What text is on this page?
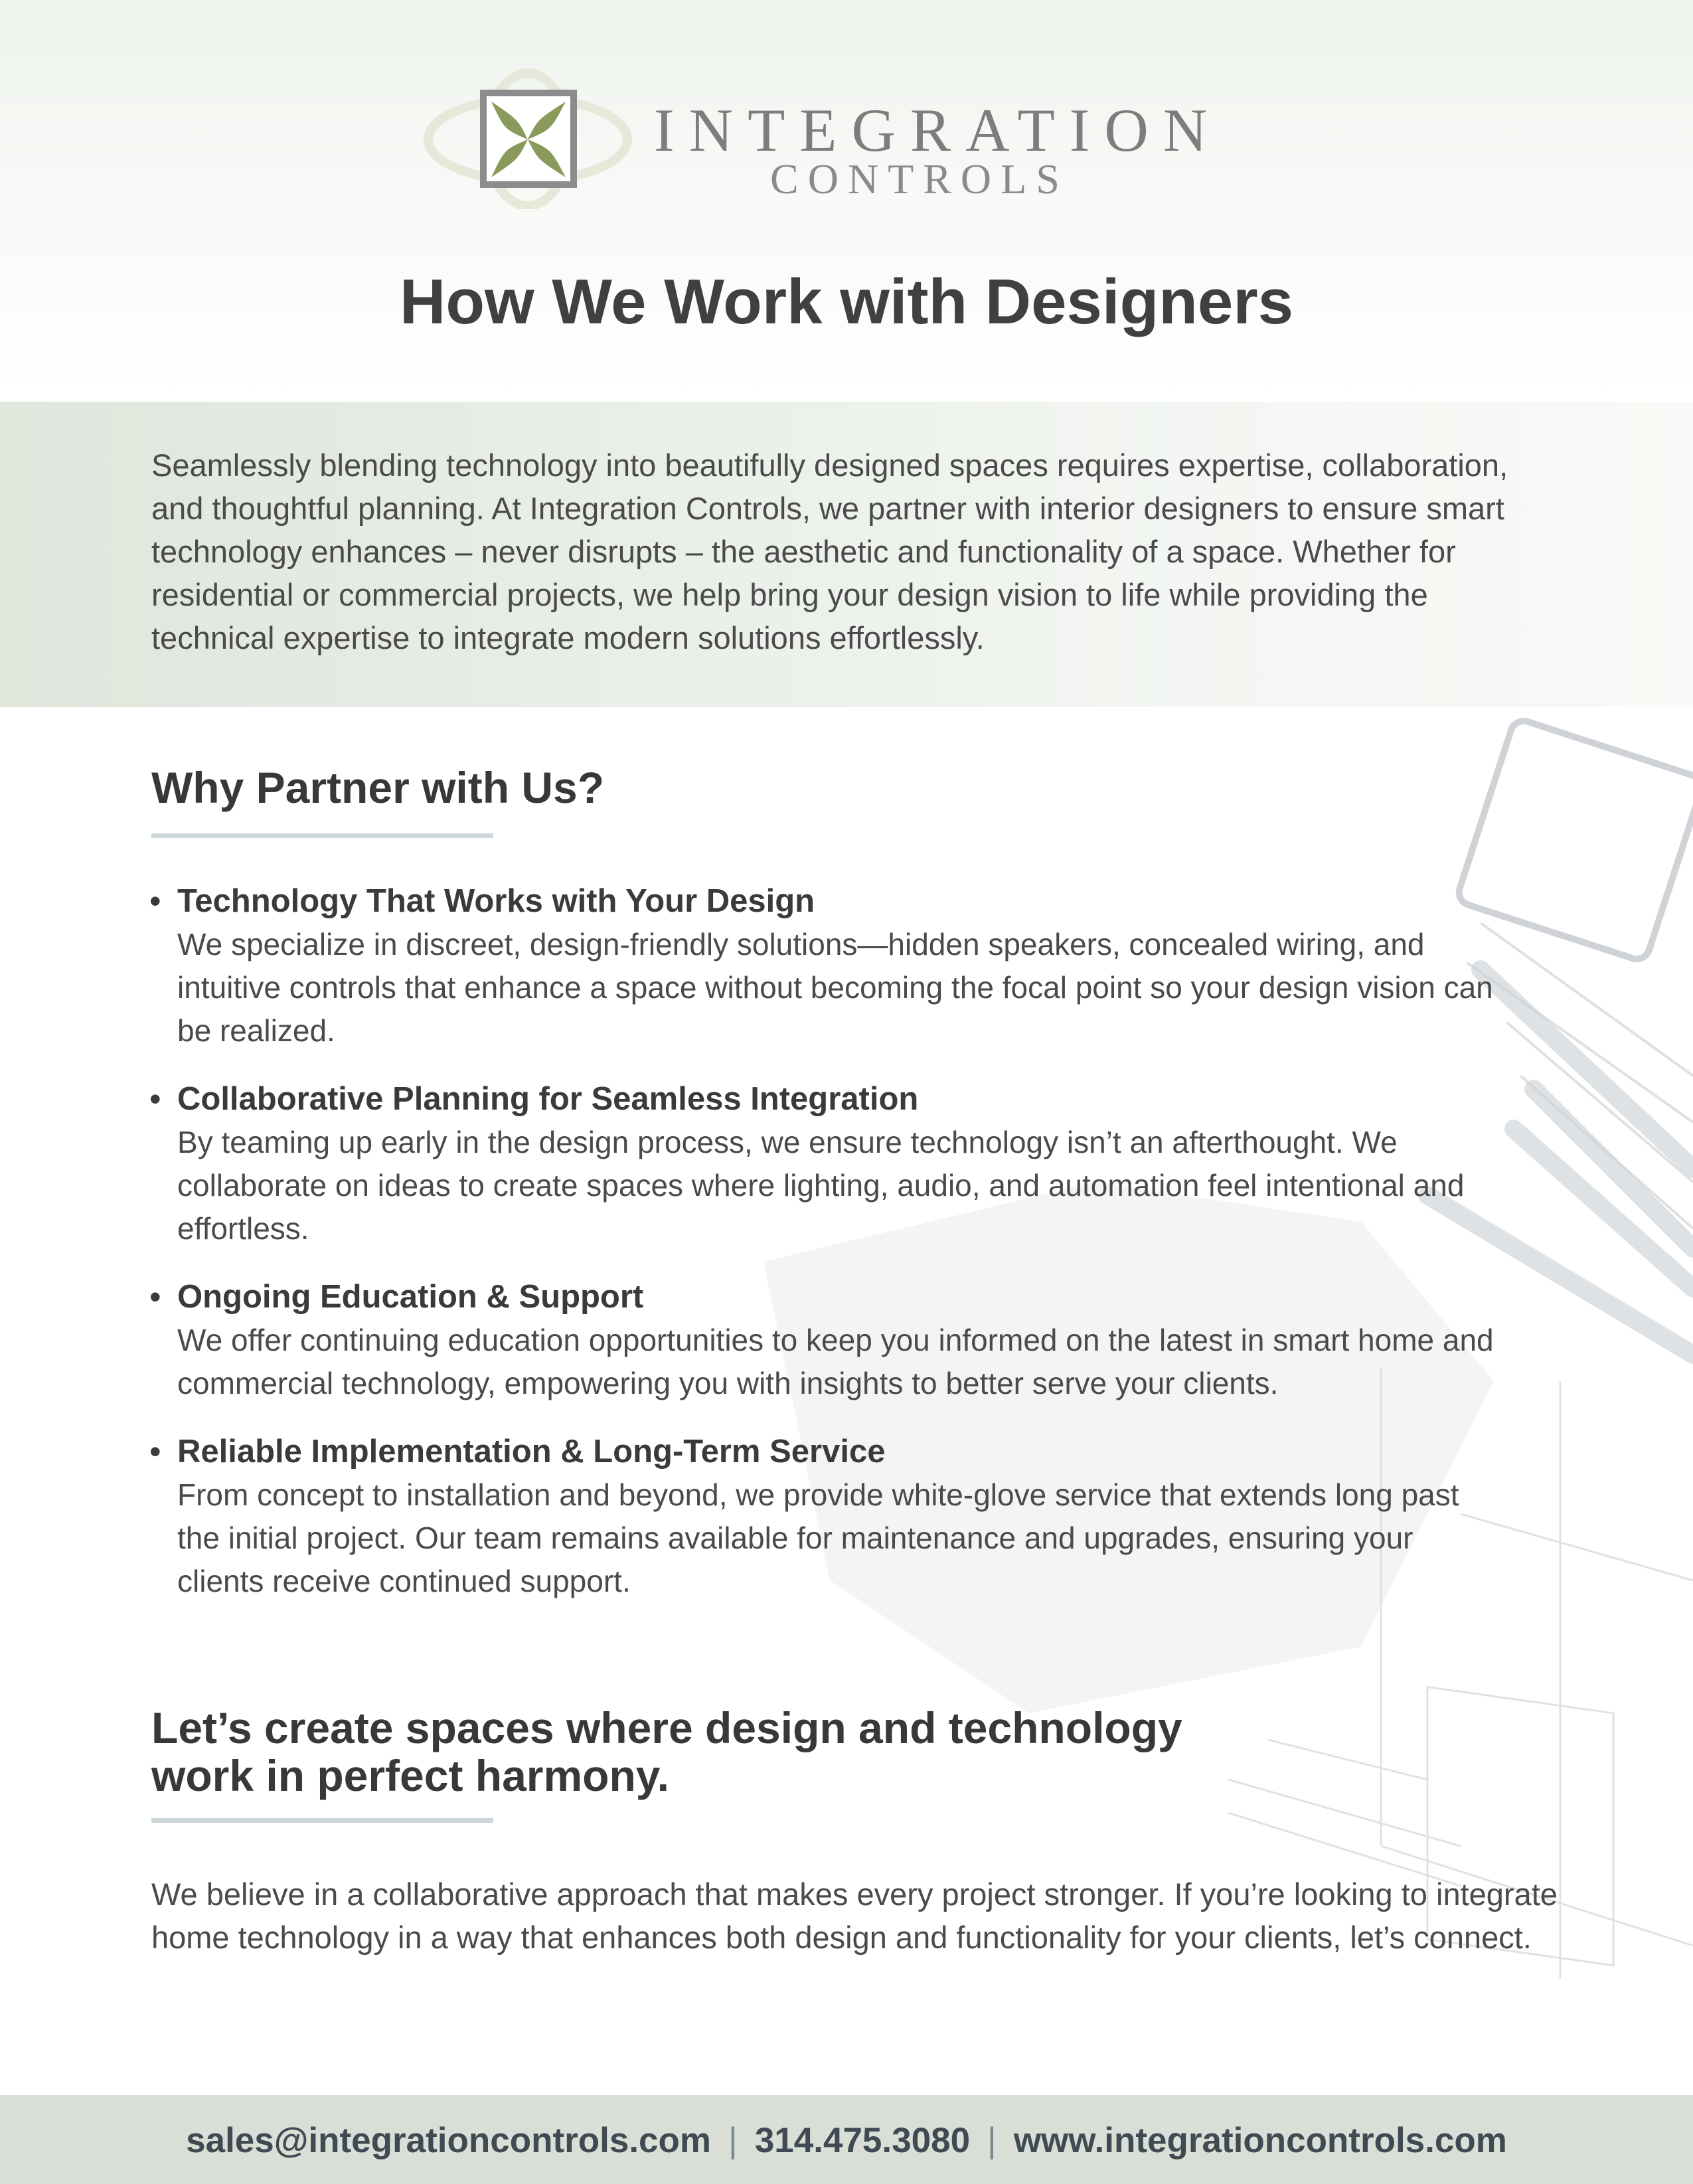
INTEGRATION
CONTROLS
How We Work with Designers

Seamlessly blending technology into beautifully designed spaces requires expertise, collaboration, and thoughtful planning. At Integration Controls, we partner with interior designers to ensure smart technology enhances – never disrupts – the aesthetic and functionality of a space. Whether for residential or commercial projects, we help bring your design vision to life while providing the technical expertise to integrate modern solutions effortlessly.

Why Partner with Us?
• Technology That Works with Your Design
We specialize in discreet, design-friendly solutions—hidden speakers, concealed wiring, and intuitive controls that enhance a space without becoming the focal point so your design vision can be realized.
• Collaborative Planning for Seamless Integration
By teaming up early in the design process, we ensure technology isn’t an afterthought. We collaborate on ideas to create spaces where lighting, audio, and automation feel intentional and effortless.
• Ongoing Education & Support
We offer continuing education opportunities to keep you informed on the latest in smart home and commercial technology, empowering you with insights to better serve your clients.
• Reliable Implementation & Long-Term Service
From concept to installation and beyond, we provide white-glove service that extends long past the initial project. Our team remains available for maintenance and upgrades, ensuring your clients receive continued support.
Let’s create spaces where design and technology
work in perfect harmony.

We believe in a collaborative approach that makes every project stronger. If you’re looking to integrate home technology in a way that enhances both design and functionality for your clients, let’s connect.

sales@integrationcontrols.com | 314.475.3080 | www.integrationcontrols.com
